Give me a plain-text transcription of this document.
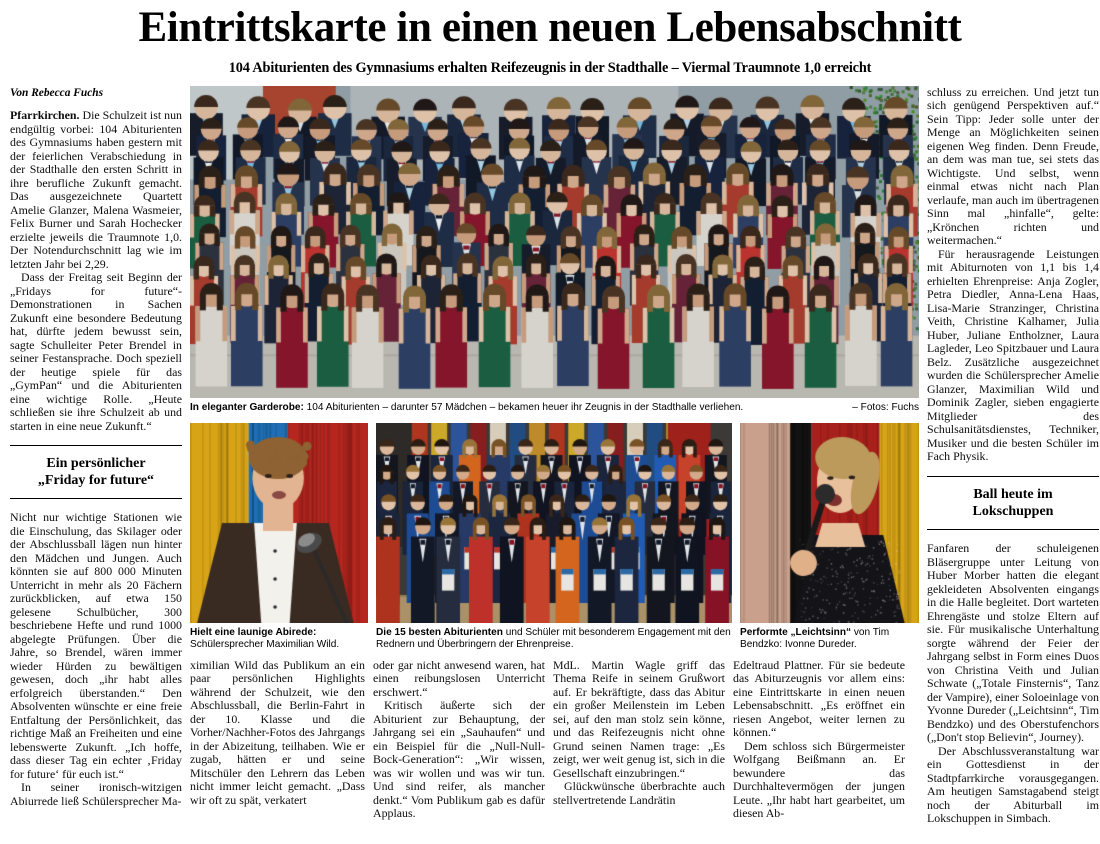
Eintrittskarte in einen neuen Lebensabschnitt
104 Abiturienten des Gymnasiums erhalten Reifezeugnis in der Stadthalle – Viermal Traumnote 1,0 erreicht
Von Rebecca Fuchs

Pfarrkirchen. Die Schulzeit ist nun endgültig vorbei: 104 Abiturienten des Gymnasiums haben gestern mit der feierlichen Verabschiedung in der Stadthalle den ersten Schritt in ihre berufliche Zukunft gemacht. Das ausgezeichnete Quartett Amelie Glanzer, Malena Wasmeier, Felix Burner und Sarah Hochecker erzielte jeweils die Traumnote 1,0. Der Notendurchschnitt lag wie im letzten Jahr bei 2,29.

Dass der Freitag seit Beginn der „Fridays for future“-Demonstrationen in Sachen Zukunft eine besondere Bedeutung hat, dürfte jedem bewusst sein, sagte Schulleiter Peter Brendel in seiner Festansprache. Doch speziell der heutige spiele für das „GymPan“ und die Abiturienten eine wichtige Rolle. „Heute schließen sie ihre Schulzeit ab und starten in eine neue Zukunft.“

Ein persönlicher
„Friday for future“

Nicht nur wichtige Stationen wie die Einschulung, das Skilager oder der Abschlussball lägen nun hinter den Mädchen und Jungen. Auch könnten sie auf 800 000 Minuten Unterricht in mehr als 20 Fächern zurückblicken, auf etwa 150 gelesene Schulbücher, 300 beschriebene Hefte und rund 1000 abgelegte Prüfungen. Über die Jahre, so Brendel, wären immer wieder Hürden zu bewältigen gewesen, doch „ihr habt alles erfolgreich überstanden.“ Den Absolventen wünschte er eine freie Entfaltung der Persönlichkeit, das richtige Maß an Freiheiten und eine lebenswerte Zukunft. „Ich hoffe, dass dieser Tag ein echter ‚Friday for future‘ für euch ist.“

In seiner ironisch-witzigen Abiurrede ließ Schülersprecher Ma-

– Fotos: Fuchs
In eleganter Garderobe: 104 Abiturienten – darunter 57 Mädchen – bekamen heuer ihr Zeugnis in der Stadthalle verliehen.
Hielt eine launige Abirede: Schülersprecher Maximilian Wild.
Die 15 besten Abiturienten und Schüler mit besonderem Engagement mit den Rednern und Überbringern der Ehrenpreise.
Performte „Leichtsinn“ von Tim Bendzko: Ivonne Dureder.

ximilian Wild das Publikum an ein paar persönlichen Highlights während der Schulzeit, wie den Abschlussball, die Berlin-Fahrt in der 10. Klasse und die Vorher/Nachher-Fotos des Jahrgangs in der Abizeitung, teilhaben. Wie er zugab, hätten er und seine Mitschüler den Lehrern das Leben nicht immer leicht gemacht. „Dass wir oft zu spät, verkatert

oder gar nicht anwesend waren, hat einen reibungslosen Unterricht erschwert.“

Kritisch äußerte sich der Abiturient zur Behauptung, der Jahrgang sei ein „Sauhaufen“ und ein Beispiel für die „Null-Null-Bock-Generation“: „Wir wissen, was wir wollen und was wir tun. Und sind reifer, als mancher denkt.“ Vom Publikum gab es dafür Applaus.

MdL. Martin Wagle griff das Thema Reife in seinem Grußwort auf. Er bekräftigte, dass das Abitur ein großer Meilenstein im Leben sei, auf den man stolz sein könne, und das Reifezeugnis nicht ohne Grund seinen Namen trage: „Es zeigt, wer weit genug ist, sich in die Gesellschaft einzubringen.“

Glückwünsche überbrachte auch stellvertretende Landrätin

Edeltraud Plattner. Für sie bedeute das Abiturzeugnis vor allem eins: eine Eintrittskarte in einen neuen Lebensabschnitt. „Es eröffnet ein riesen Angebot, weiter lernen zu können.“

Dem schloss sich Bürgermeister Wolfgang Beißmann an. Er bewundere das Durchhaltevermögen der jungen Leute. „Ihr habt hart gearbeitet, um diesen Ab-

schluss zu erreichen. Und jetzt tun sich genügend Perspektiven auf.“ Sein Tipp: Jeder solle unter der Menge an Möglichkeiten seinen eigenen Weg finden. Denn Freude, an dem was man tue, sei stets das Wichtigste. Und selbst, wenn einmal etwas nicht nach Plan verlaufe, man auch im übertragenen Sinn mal „hinfalle“, gelte: „Krönchen richten und weitermachen.“

Für herausragende Leistungen mit Abiturnoten von 1,1 bis 1,4 erhielten Ehrenpreise: Anja Zogler, Petra Diedler, Anna-Lena Haas, Lisa-Marie Stranzinger, Christina Veith, Christine Kalhamer, Julia Huber, Juliane Entholzner, Laura Lagleder, Leo Spitzbauer und Laura Belz. Zusätzliche ausgezeichnet wurden die Schülersprecher Amelie Glanzer, Maximilian Wild und Dominik Zagler, sieben engagierte Mitglieder des Schulsanitätsdienstes, Techniker, Musiker und die besten Schüler im Fach Physik.

Ball heute im
Lokschuppen

Fanfaren der schuleigenen Bläsergruppe unter Leitung von Huber Morber hatten die elegant gekleideten Absolventen eingangs in die Halle begleitet. Dort warteten Ehrengäste und stolze Eltern auf sie. Für musikalische Unterhaltung sorgte während der Feier der Jahrgang selbst in Form eines Duos von Christina Veith und Julian Schwate („Totale Finsternis“, Tanz der Vampire), einer Soloeinlage von Yvonne Dureder („Leichtsinn“, Tim Bendzko) und des Oberstufenchors („Don't stop Believin“, Journey).

Der Abschlussveranstaltung war ein Gottesdienst in der Stadtpfarrkirche vorausgegangen. Am heutigen Samstagabend steigt noch der Abiturball im Lokschuppen in Simbach.
